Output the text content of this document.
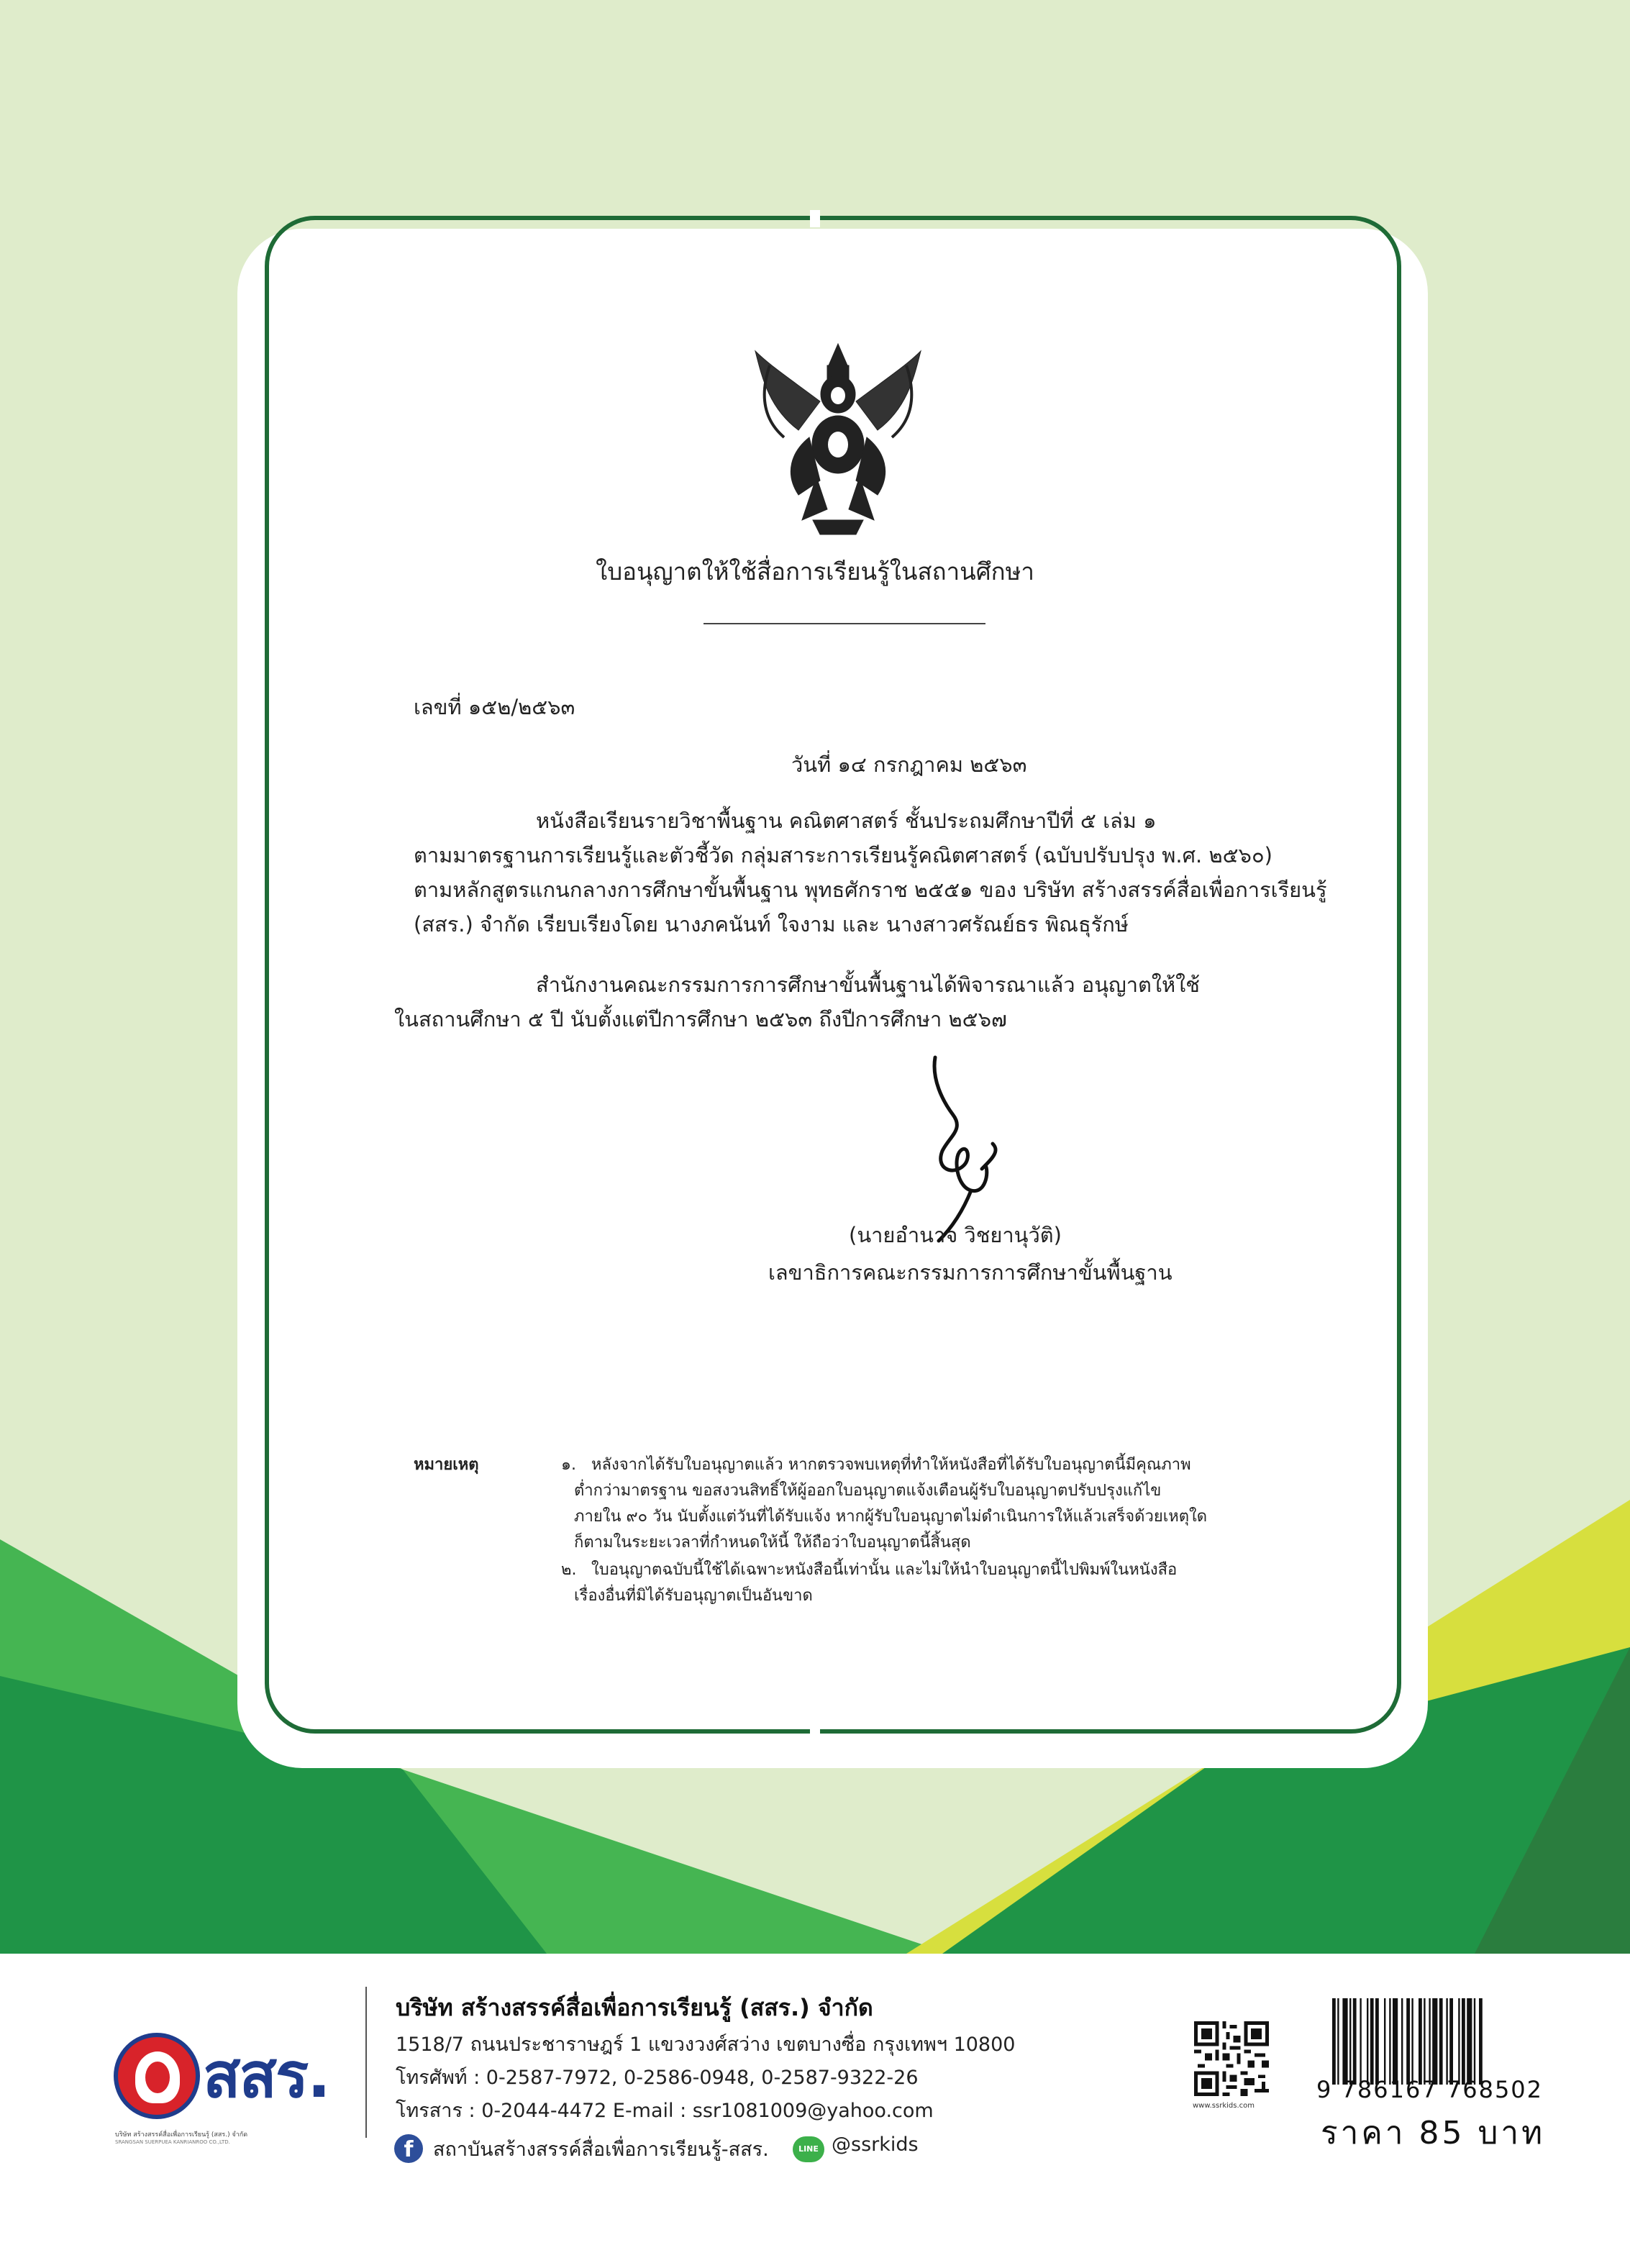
ใบอนุญาตให้ใช้สื่อการเรียนรู้ในสถานศึกษา
เลขที่ ๑๕๒/๒๕๖๓
วันที่ ๑๔ กรกฎาคม ๒๕๖๓
หนังสือเรียนรายวิชาพื้นฐาน คณิตศาสตร์ ชั้นประถมศึกษาปีที่ ๕ เล่ม ๑
ตามมาตรฐานการเรียนรู้และตัวชี้วัด กลุ่มสาระการเรียนรู้คณิตศาสตร์ (ฉบับปรับปรุง พ.ศ. ๒๕๖๐)
ตามหลักสูตรแกนกลางการศึกษาขั้นพื้นฐาน พุทธศักราช ๒๕๕๑ ของ บริษัท สร้างสรรค์สื่อเพื่อการเรียนรู้
(สสร.) จำกัด เรียบเรียงโดย นางภคนันท์ ใจงาม และ นางสาวศรัณย์ธร พิณธุรักษ์
สำนักงานคณะกรรมการการศึกษาขั้นพื้นฐานได้พิจารณาแล้ว อนุญาตให้ใช้
ในสถานศึกษา ๕ ปี นับตั้งแต่ปีการศึกษา ๒๕๖๓ ถึงปีการศึกษา ๒๕๖๗
(นายอำนาจ วิชยานุวัติ)
เลขาธิการคณะกรรมการการศึกษาขั้นพื้นฐาน
หมายเหตุ	๑. หลังจากได้รับใบอนุญาตแล้ว หากตรวจพบเหตุที่ทำให้หนังสือที่ได้รับใบอนุญาตนี้มีคุณภาพ
ต่ำกว่ามาตรฐาน ขอสงวนสิทธิ์ให้ผู้ออกใบอนุญาตแจ้งเตือนผู้รับใบอนุญาตปรับปรุงแก้ไข
ภายใน ๙๐ วัน นับตั้งแต่วันที่ได้รับแจ้ง หากผู้รับใบอนุญาตไม่ดำเนินการให้แล้วเสร็จด้วยเหตุใด
ก็ตามในระยะเวลาที่กำหนดให้นี้ ให้ถือว่าใบอนุญาตนี้สิ้นสุด
๒. ใบอนุญาตฉบับนี้ใช้ได้เฉพาะหนังสือนี้เท่านั้น และไม่ให้นำใบอนุญาตนี้ไปพิมพ์ในหนังสือ
เรื่องอื่นที่มิได้รับอนุญาตเป็นอันขาด
สสร.
บริษัท สร้างสรรค์สื่อเพื่อการเรียนรู้ (สสร.) จำกัด
SRANGSAN SUERPUEA KANRIANROO CO.,LTD.
บริษัท สร้างสรรค์สื่อเพื่อการเรียนรู้ (สสร.) จำกัด
1518/7 ถนนประชาราษฎร์ 1 แขวงวงศ์สว่าง เขตบางซื่อ กรุงเทพฯ 10800
โทรศัพท์ : 0-2587-7972, 0-2586-0948, 0-2587-9322-26
โทรสาร : 0-2044-4472 E-mail : ssr1081009@yahoo.com
f	สถาบันสร้างสรรค์สื่อเพื่อการเรียนรู้-สสร.	LINE @ssrkids
www.ssrkids.com
9 786167 768502
ราคา 85 บาท
